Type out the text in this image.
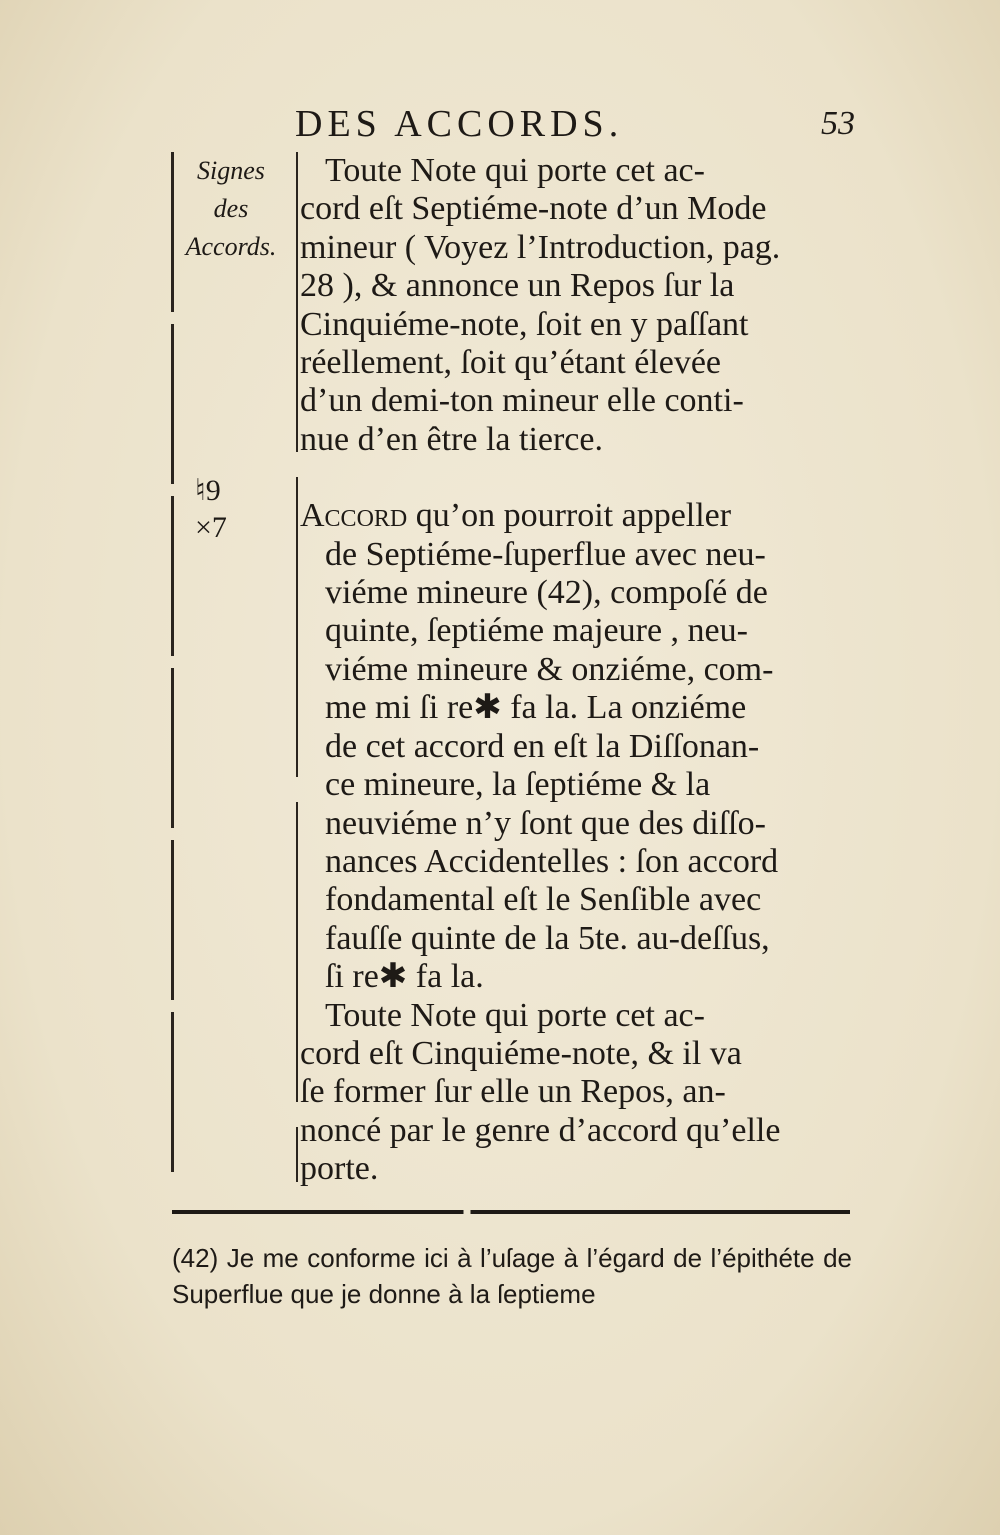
DES ACCORDS.	53
Signes
des
Accords.
♮9
×7

Toute Note qui porte cet ac-

cord eſt Septiéme-note d’un Mode

mineur ( Voyez l’Introduction, pag.

28 ), & annonce un Repos ſur la

Cinquiéme-note, ſoit en y paſſant

réellement, ſoit qu’étant élevée

d’un demi-ton mineur elle conti-

nue d’en être la tierce.

Accord qu’on pourroit appeller

de Septiéme-ſuperflue avec neu-

viéme mineure (42), compoſé de

quinte, ſeptiéme majeure , neu-

viéme mineure & onziéme, com-

me mi ſi re✱ fa la. La onziéme

de cet accord en eſt la Diſſonan-

ce mineure, la ſeptiéme & la

neuviéme n’y ſont que des diſſo-

nances Accidentelles : ſon accord

fondamental eſt le Senſible avec

fauſſe quinte de la 5te. au-deſſus,

ſi re✱ fa la.

Toute Note qui porte cet ac-

cord eſt Cinquiéme-note, & il va

ſe former ſur elle un Repos, an-

noncé par le genre d’accord qu’elle

porte.

(42) Je me conforme ici à l’uſage à l’égard de l’épithéte de Superflue que je donne à la ſeptieme
